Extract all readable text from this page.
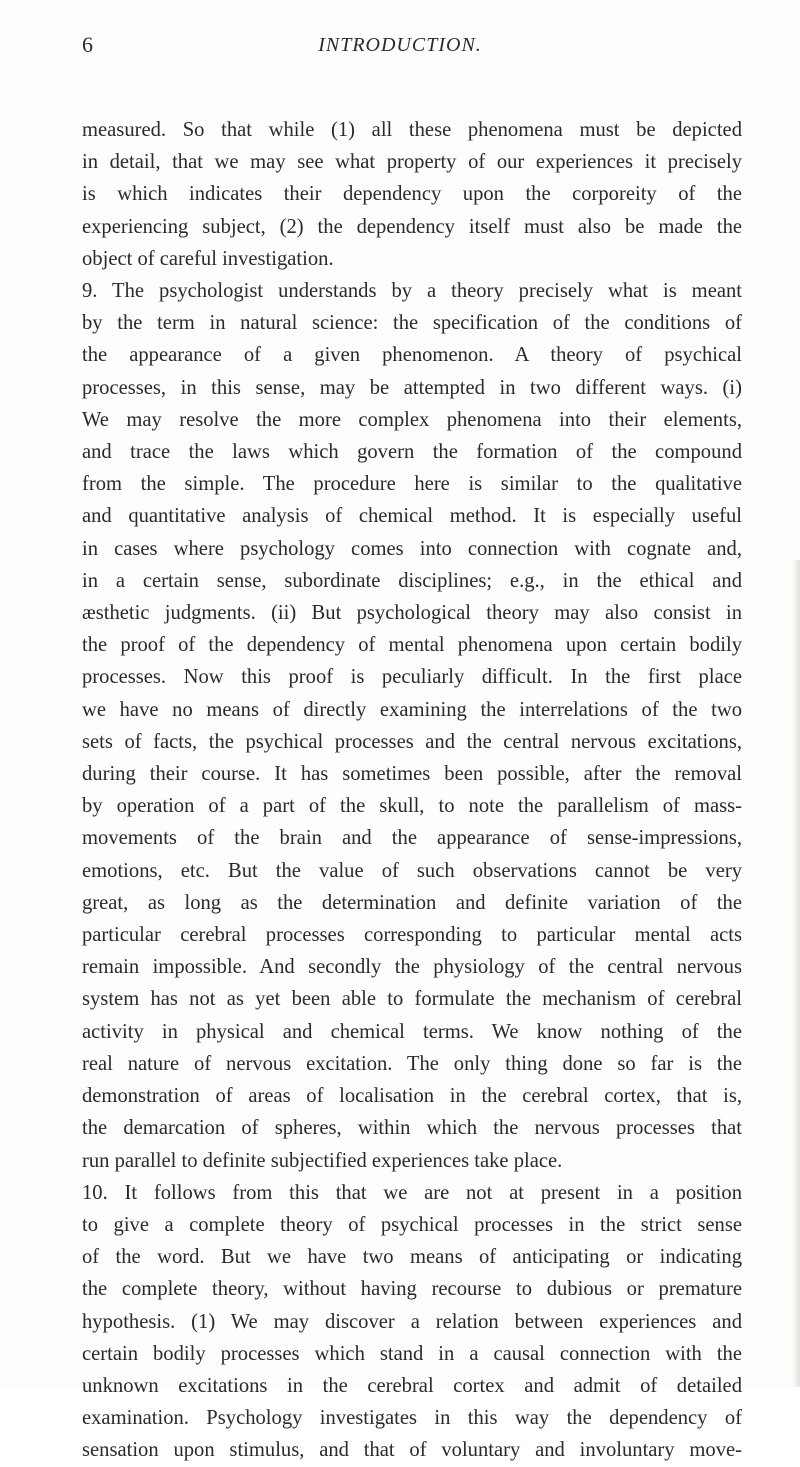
6	INTRODUCTION.

measured. So that while (1) all these phenomena must be depicted

in detail, that we may see what property of our experiences it precisely

is which indicates their dependency upon the corporeity of the

experiencing subject, (2) the dependency itself must also be made the

object of careful investigation.

9. The psychologist understands by a theory precisely what is meant

by the term in natural science: the specification of the conditions of

the appearance of a given phenomenon. A theory of psychical

processes, in this sense, may be attempted in two different ways. (i)

We may resolve the more complex phenomena into their elements,

and trace the laws which govern the formation of the compound

from the simple. The procedure here is similar to the qualitative

and quantitative analysis of chemical method. It is especially useful

in cases where psychology comes into connection with cognate and,

in a certain sense, subordinate disciplines; e.g., in the ethical and

æsthetic judgments. (ii) But psychological theory may also consist in

the proof of the dependency of mental phenomena upon certain bodily

processes. Now this proof is peculiarly difficult. In the first place

we have no means of directly examining the interrelations of the two

sets of facts, the psychical processes and the central nervous excitations,

during their course. It has sometimes been possible, after the removal

by operation of a part of the skull, to note the parallelism of mass-

movements of the brain and the appearance of sense-impressions,

emotions, etc. But the value of such observations cannot be very

great, as long as the determination and definite variation of the

particular cerebral processes corresponding to particular mental acts

remain impossible. And secondly the physiology of the central nervous

system has not as yet been able to formulate the mechanism of cerebral

activity in physical and chemical terms. We know nothing of the

real nature of nervous excitation. The only thing done so far is the

demonstration of areas of localisation in the cerebral cortex, that is,

the demarcation of spheres, within which the nervous processes that

run parallel to definite subjectified experiences take place.

10. It follows from this that we are not at present in a position

to give a complete theory of psychical processes in the strict sense

of the word. But we have two means of anticipating or indicating

the complete theory, without having recourse to dubious or premature

hypothesis. (1) We may discover a relation between experiences and

certain bodily processes which stand in a causal connection with the

unknown excitations in the cerebral cortex and admit of detailed

examination. Psychology investigates in this way the dependency of

sensation upon stimulus, and that of voluntary and involuntary move-
